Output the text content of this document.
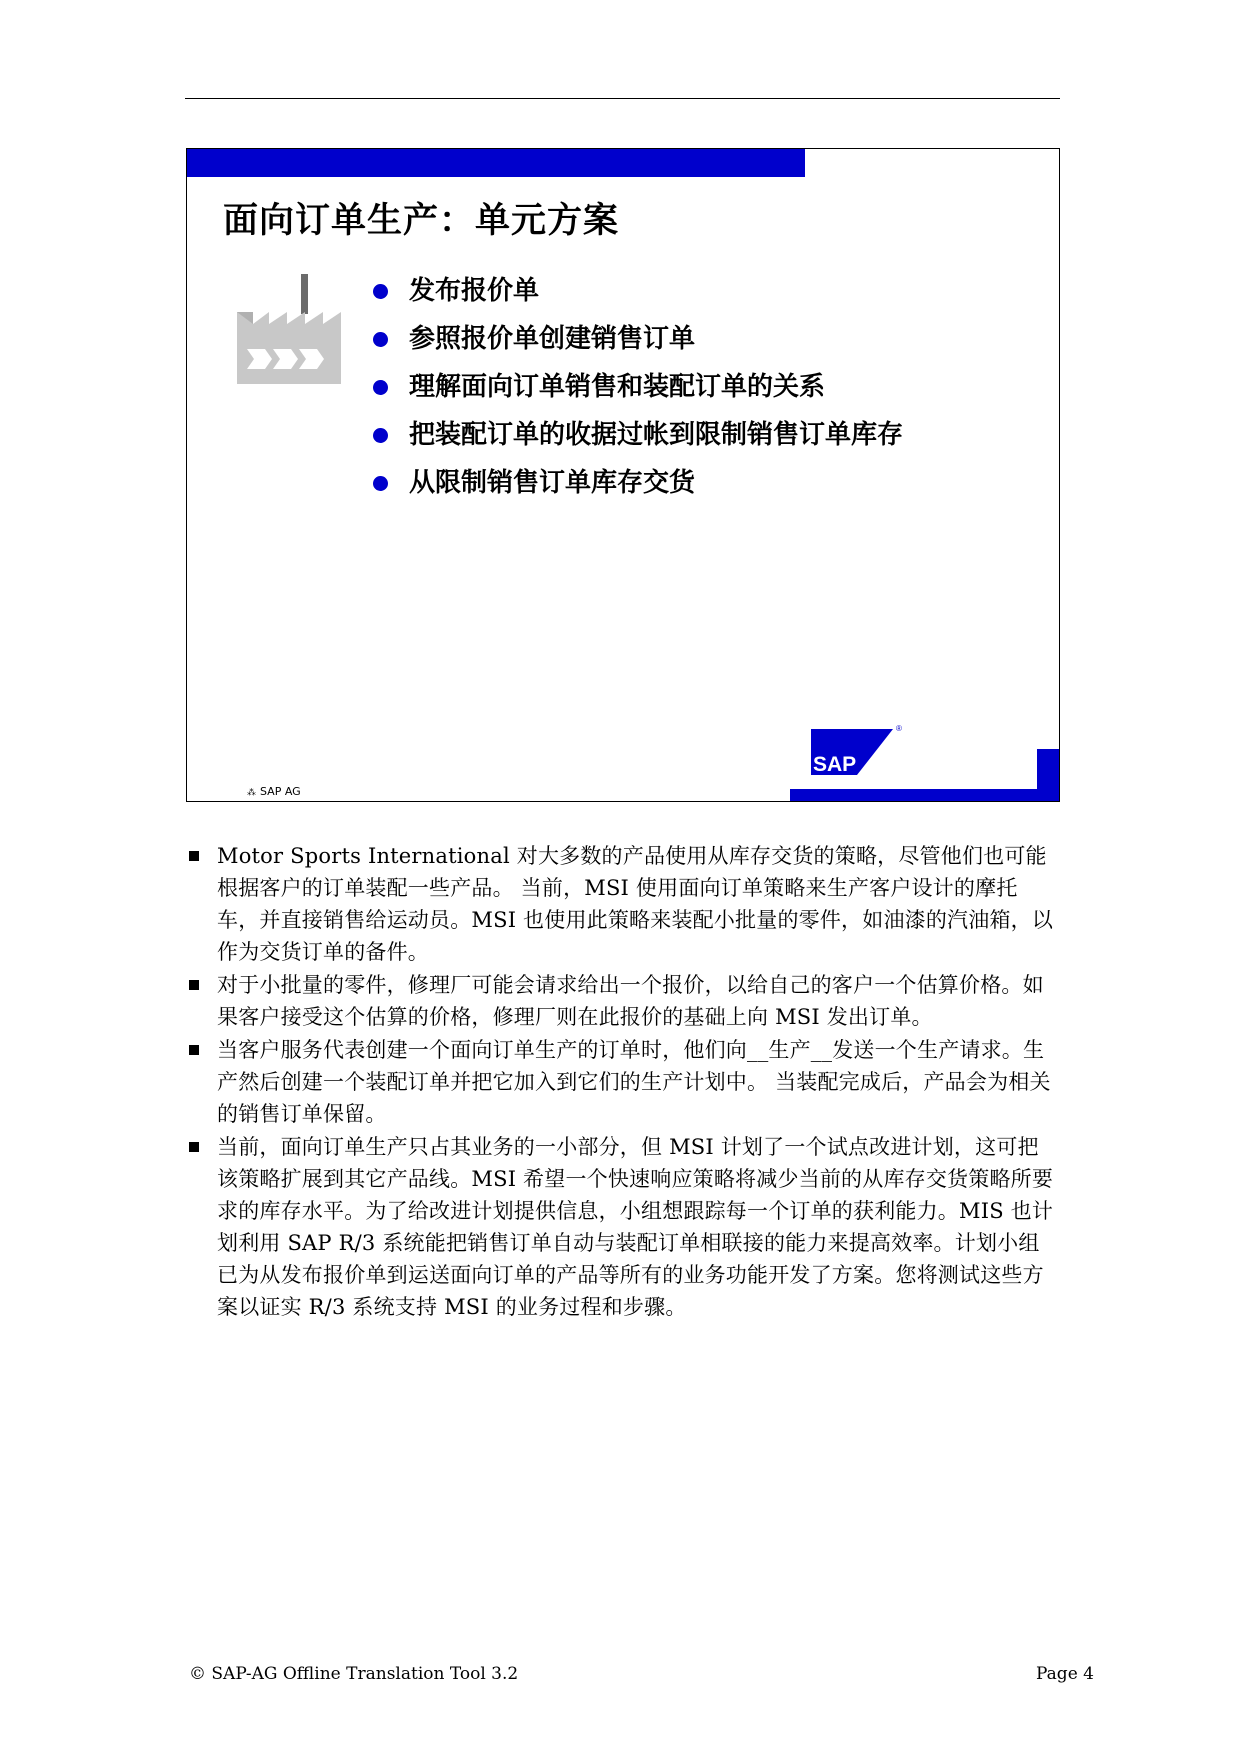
面向订单生产：单元方案
发布报价单
参照报价单创建销售订单
理解面向订单销售和装配订单的关系
把装配订单的收据过帐到限制销售订单库存
从限制销售订单库存交货
SAP
®
⁂ SAP AG
Motor Sports International 对大多数的产品使用从库存交货的策略，尽管他们也可能根据客户的订单装配一些产品。 当前，MSI 使用面向订单策略来生产客户设计的摩托车，并直接销售给运动员。MSI 也使用此策略来装配小批量的零件，如油漆的汽油箱，以作为交货订单的备件。
对于小批量的零件，修理厂可能会请求给出一个报价，以给自己的客户一个估算价格。如果客户接受这个估算的价格，修理厂则在此报价的基础上向 MSI 发出订单。
当客户服务代表创建一个面向订单生产的订单时，他们向__生产__发送一个生产请求。生产然后创建一个装配订单并把它加入到它们的生产计划中。 当装配完成后，产品会为相关的销售订单保留。
当前，面向订单生产只占其业务的一小部分，但 MSI 计划了一个试点改进计划，这可把该策略扩展到其它产品线。MSI 希望一个快速响应策略将减少当前的从库存交货策略所要求的库存水平。为了给改进计划提供信息，小组想跟踪每一个订单的获利能力。MIS 也计划利用 SAP R/3 系统能把销售订单自动与装配订单相联接的能力来提高效率。计划小组已为从发布报价单到运送面向订单的产品等所有的业务功能开发了方案。您将测试这些方案以证实 R/3 系统支持 MSI 的业务过程和步骤。
© SAP-AG Offline Translation Tool 3.2	Page 4
